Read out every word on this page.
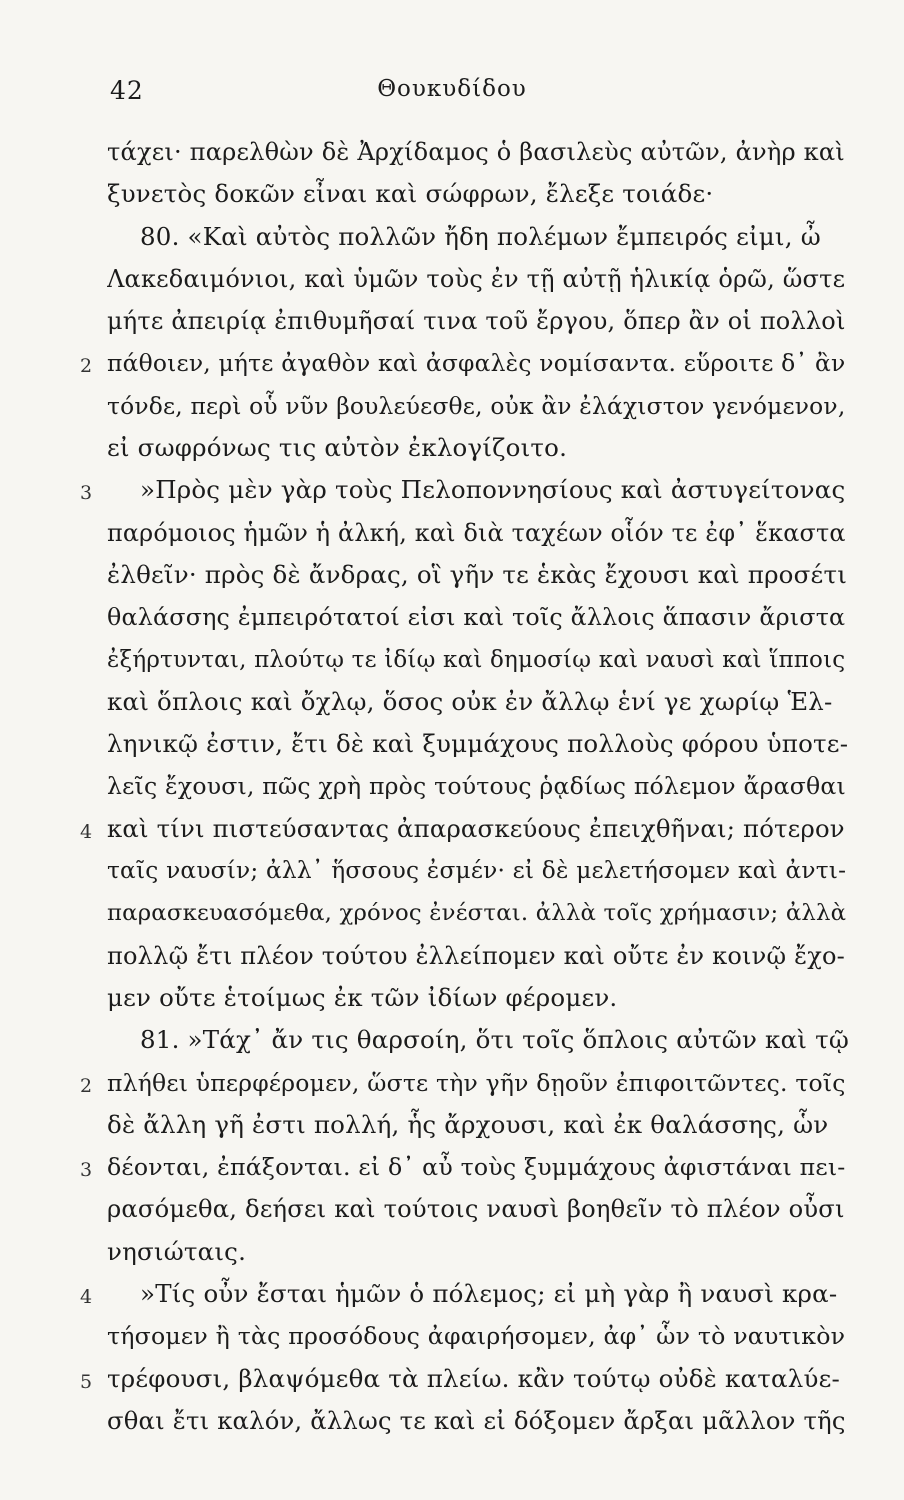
42	Θουκυδίδου
τάχει· παρελθὼν δὲ Ἀρχίδαμος ὁ βασιλεὺς αὐτῶν, ἀνὴρ καὶ
ξυνετὸς δοκῶν εἶναι καὶ σώφρων, ἔλεξε τοιάδε·
80. «Καὶ αὐτὸς πολλῶν ἤδη πολέμων ἔμπειρός εἰμι, ὦ
Λακεδαιμόνιοι, καὶ ὑμῶν τοὺς ἐν τῇ αὐτῇ ἡλικίᾳ ὁρῶ, ὥστε
μήτε ἀπειρίᾳ ἐπιθυμῆσαί τινα τοῦ ἔργου, ὅπερ ἂν οἱ πολλοὶ
2 πάθοιεν, μήτε ἀγαθὸν καὶ ἀσφαλὲς νομίσαντα. εὕροιτε δ᾽ ἂν
τόνδε, περὶ οὗ νῦν βουλεύεσθε, οὐκ ἂν ἐλάχιστον γενόμενον,
εἰ σωφρόνως τις αὐτὸν ἐκλογίζοιτο.
3	»Πρὸς μὲν γὰρ τοὺς Πελοποννησίους καὶ ἀστυγείτονας
παρόμοιος ἡμῶν ἡ ἀλκή, καὶ διὰ ταχέων οἷόν τε ἐφ᾽ ἕκαστα
ἐλθεῖν· πρὸς δὲ ἄνδρας, οἳ γῆν τε ἑκὰς ἔχουσι καὶ προσέτι
θαλάσσης ἐμπειρότατοί εἰσι καὶ τοῖς ἄλλοις ἅπασιν ἄριστα
ἐξήρτυνται, πλούτῳ τε ἰδίῳ καὶ δημοσίῳ καὶ ναυσὶ καὶ ἵπποις
καὶ ὅπλοις καὶ ὄχλῳ, ὅσος οὐκ ἐν ἄλλῳ ἑνί γε χωρίῳ Ἑλ-
ληνικῷ ἐστιν, ἔτι δὲ καὶ ξυμμάχους πολλοὺς φόρου ὑποτε-
λεῖς ἔχουσι, πῶς χρὴ πρὸς τούτους ῥᾳδίως πόλεμον ἄρασθαι
4 καὶ τίνι πιστεύσαντας ἀπαρασκεύους ἐπειχθῆναι; πότερον
ταῖς ναυσίν; ἀλλ᾽ ἥσσους ἐσμέν· εἰ δὲ μελετήσομεν καὶ ἀντι-
παρασκευασόμεθα, χρόνος ἐνέσται. ἀλλὰ τοῖς χρήμασιν; ἀλλὰ
πολλῷ ἔτι πλέον τούτου ἐλλείπομεν καὶ οὔτε ἐν κοινῷ ἔχο-
μεν οὔτε ἑτοίμως ἐκ τῶν ἰδίων φέρομεν.
81. »Τάχ᾽ ἄν τις θαρσοίη, ὅτι τοῖς ὅπλοις αὐτῶν καὶ τῷ
2 πλήθει ὑπερφέρομεν, ὥστε τὴν γῆν δῃοῦν ἐπιφοιτῶντες. τοῖς
δὲ ἄλλη γῆ ἐστι πολλή, ἧς ἄρχουσι, καὶ ἐκ θαλάσσης, ὧν
3 δέονται, ἐπάξονται. εἰ δ᾽ αὖ τοὺς ξυμμάχους ἀφιστάναι πει-
ρασόμεθα, δεήσει καὶ τούτοις ναυσὶ βοηθεῖν τὸ πλέον οὖσι
νησιώταις.
4	»Τίς οὖν ἔσται ἡμῶν ὁ πόλεμος; εἰ μὴ γὰρ ἢ ναυσὶ κρα-
τήσομεν ἢ τὰς προσόδους ἀφαιρήσομεν, ἀφ᾽ ὧν τὸ ναυτικὸν
5 τρέφουσι, βλαψόμεθα τὰ πλείω. κἂν τούτῳ οὐδὲ καταλύε-
σθαι ἔτι καλόν, ἄλλως τε καὶ εἰ δόξομεν ἄρξαι μᾶλλον τῆς
